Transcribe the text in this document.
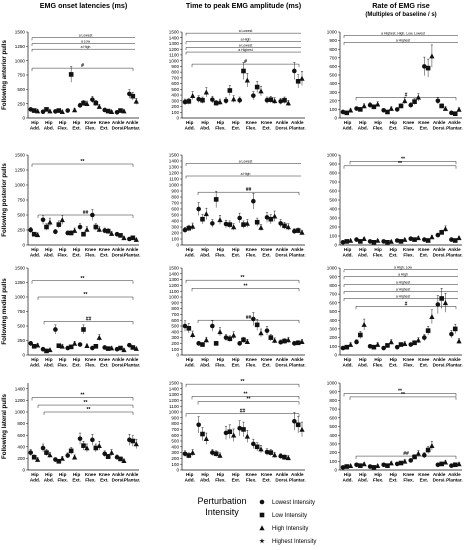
EMG onset latencies (ms)	Time to peak EMG amplitude (ms)	Rate of EMG rise
(Multiples of baseline / s)
Following anterior pulls
Following posterior pulls
Following medial pulls
Following lateral pulls
0
250
500
750
1000
1250
1500
Hip
Add.
Hip
Abd.
Hip
Flex.
Hip
Ext.
Knee
Flex.
Knee
Ext.
Ankle
Dorsi.
Ankle
Plantar.
a Lowest
a Low
a High
#
0
100
200
300
400
500
600
700
800
900
1000
1100
1200
1300
1400
1500
Hip
Add.
Hip
Abd.
Hip
Flex.
Hip
Ext.
Knee
Flex.
Knee
Ext.
Ankle
Dorsi.
Ankle
Plantar.
a Lowest
a High
a Lowest
a Highest
#
0
100
200
300
400
500
600
700
800
900
1000
Hip
Add.
Hip
Abd.
Hip
Flex.
Hip
Ext.
Knee
Flex.
Knee
Ext.
Ankle
Dorsi.
Ankle
Plantar.
a Highest, High, Low, Lowest
a Highest
#
0
250
500
750
1000
1250
1500
Hip
Add.
Hip
Abd.
Hip
Flex.
Hip
Ext.
Knee
Flex.
Knee
Ext.
Ankle
Dorsi.
Ankle
Plantar.
**
##
0
100
200
300
400
500
600
700
800
900
1000
1100
1200
1300
1400
1500
Hip
Add.
Hip
Abd.
Hip
Flex.
Hip
Ext.
Knee
Flex.
Knee
Ext.
Ankle
Dorsi.
Ankle
Plantar.
a Lowest
a High
##
0
100
200
300
400
500
600
700
800
900
1000
Hip
Add.
Hip
Abd.
Hip
Flex.
Hip
Ext.
Knee
Flex.
Knee
Ext.
Ankle
Dorsi.
Ankle
Plantar.
**
**
0
250
500
750
1000
1250
1500
Hip
Add.
Hip
Abd.
Hip
Flex.
Hip
Ext.
Knee
Flex.
Knee
Ext.
Ankle
Dorsi.
Ankle
Plantar.
**
**
##
0
100
200
300
400
500
600
700
800
900
1000
1100
1200
1300
1400
1500
Hip
Add.
Hip
Abd.
Hip
Flex.
Hip
Ext.
Knee
Flex.
Knee
Ext.
Ankle
Dorsi.
Ankle
Plantar.
**
**
##
0
100
200
300
400
500
600
700
800
900
1000
Hip
Add.
Hip
Abd.
Hip
Flex.
Hip
Ext.
Knee
Flex.
Knee
Ext.
Ankle
Dorsi.
Ankle
Plantar.
a High, Low
a High
a Highest
a Highest
a Highest
#
0
200
400
600
800
1000
1200
1400
Hip
Add.
Hip
Abd.
Hip
Flex.
Hip
Ext.
Knee
Flex.
Knee
Ext.
Ankle
Dorsi.
Ankle
Plantar.
**
**
**
0
100
200
300
400
500
600
700
800
900
1000
1100
1200
1300
1400
1500
Hip
Add.
Hip
Abd.
Hip
Flex.
Hip
Ext.
Knee
Flex.
Knee
Ext.
Ankle
Dorsi.
Ankle
Plantar.
**
**
**
##
0
100
200
300
400
500
600
700
800
900
1000
Hip
Add.
Hip
Abd.
Hip
Flex.
Hip
Ext.
Knee
Flex.
Knee
Ext.
Ankle
Dorsi.
Ankle
Plantar.
**
**
##
Perturbation
Intensity
Lowest Intensity
Low Intensity
High Intensity
Highest Intensity
